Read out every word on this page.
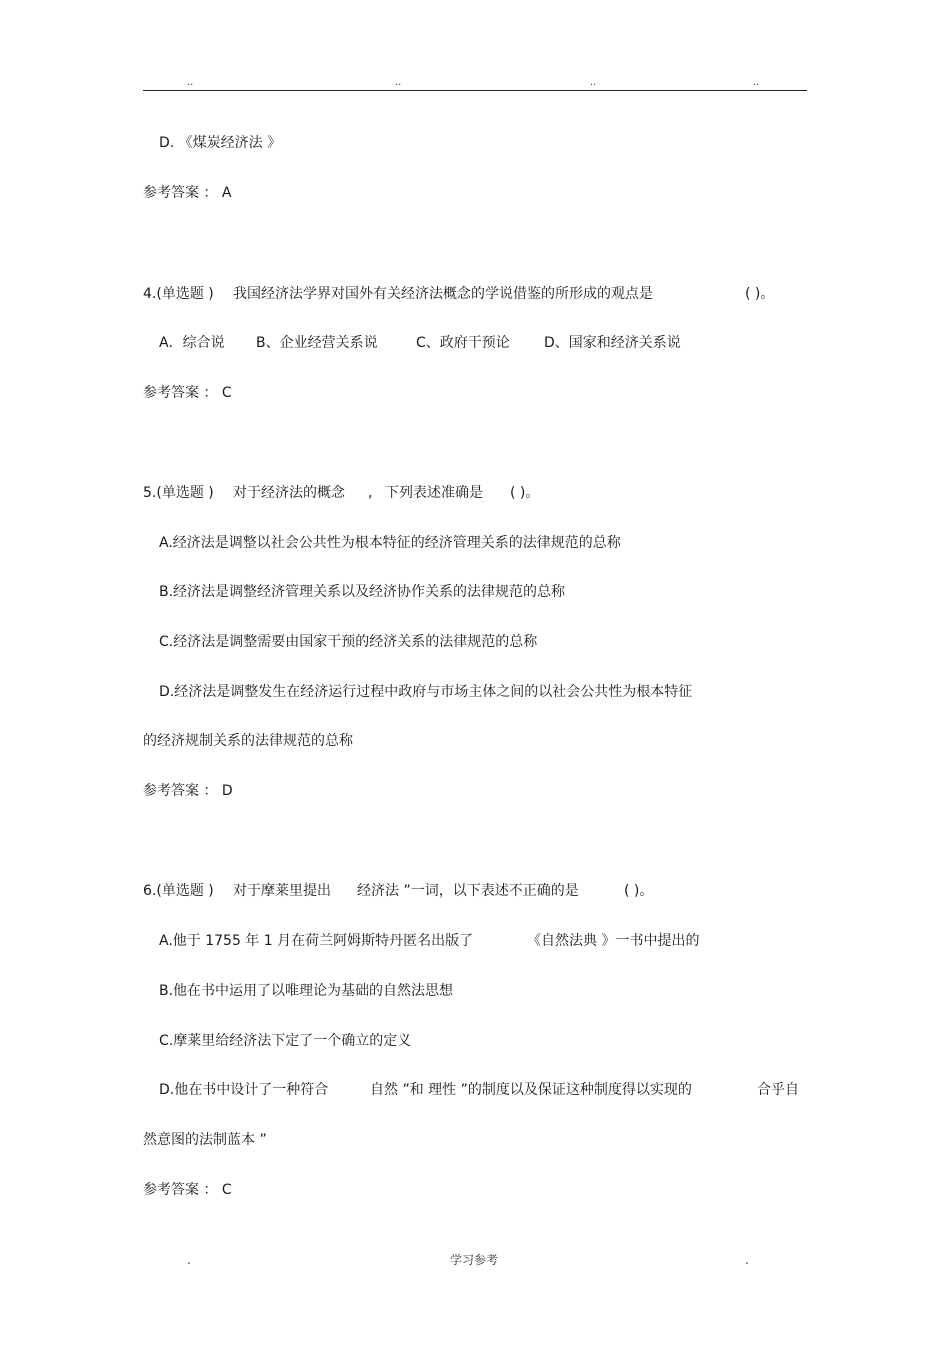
..	..	..	..
D. 《煤炭经济法 》
参考答案 ： A
4.(单选题 ) 我国经济法学界对国外有关经济法概念的学说借鉴的所形成的观点是	( )。
A．综合说 B、企业经营关系说	C、政府干预论 D、国家和经济关系说
参考答案 ： C
5.(单选题 ) 对于经济法的概念 , 下列表述准确是 ( )。
A.经济法是调整以社会公共性为根本特征的经济管理关系的法律规范的总称
B.经济法是调整经济管理关系以及经济协作关系的法律规范的总称
C.经济法是调整需要由国家干预的经济关系的法律规范的总称
D.经济法是调整发生在经济运行过程中政府与市场主体之间的以社会公共性为根本特征
的经济规制关系的法律规范的总称
参考答案 ： D
6.(单选题 ) 对于摩莱里提出 经济法 ”一词，以下表述不正确的是	( )。
A.他于 1755 年 1 月在荷兰阿姆斯特丹匿名出版了	《自然法典 》一书中提出的
B.他在书中运用了以唯理论为基础的自然法思想
C.摩莱里给经济法下定了一个确立的定义
D.他在书中设计了一种符合	自然 ”和 理性 ”的制度以及保证这种制度得以实现的	合乎自
然意图的法制蓝本 ”
参考答案 ： C
.	学习参考	.
